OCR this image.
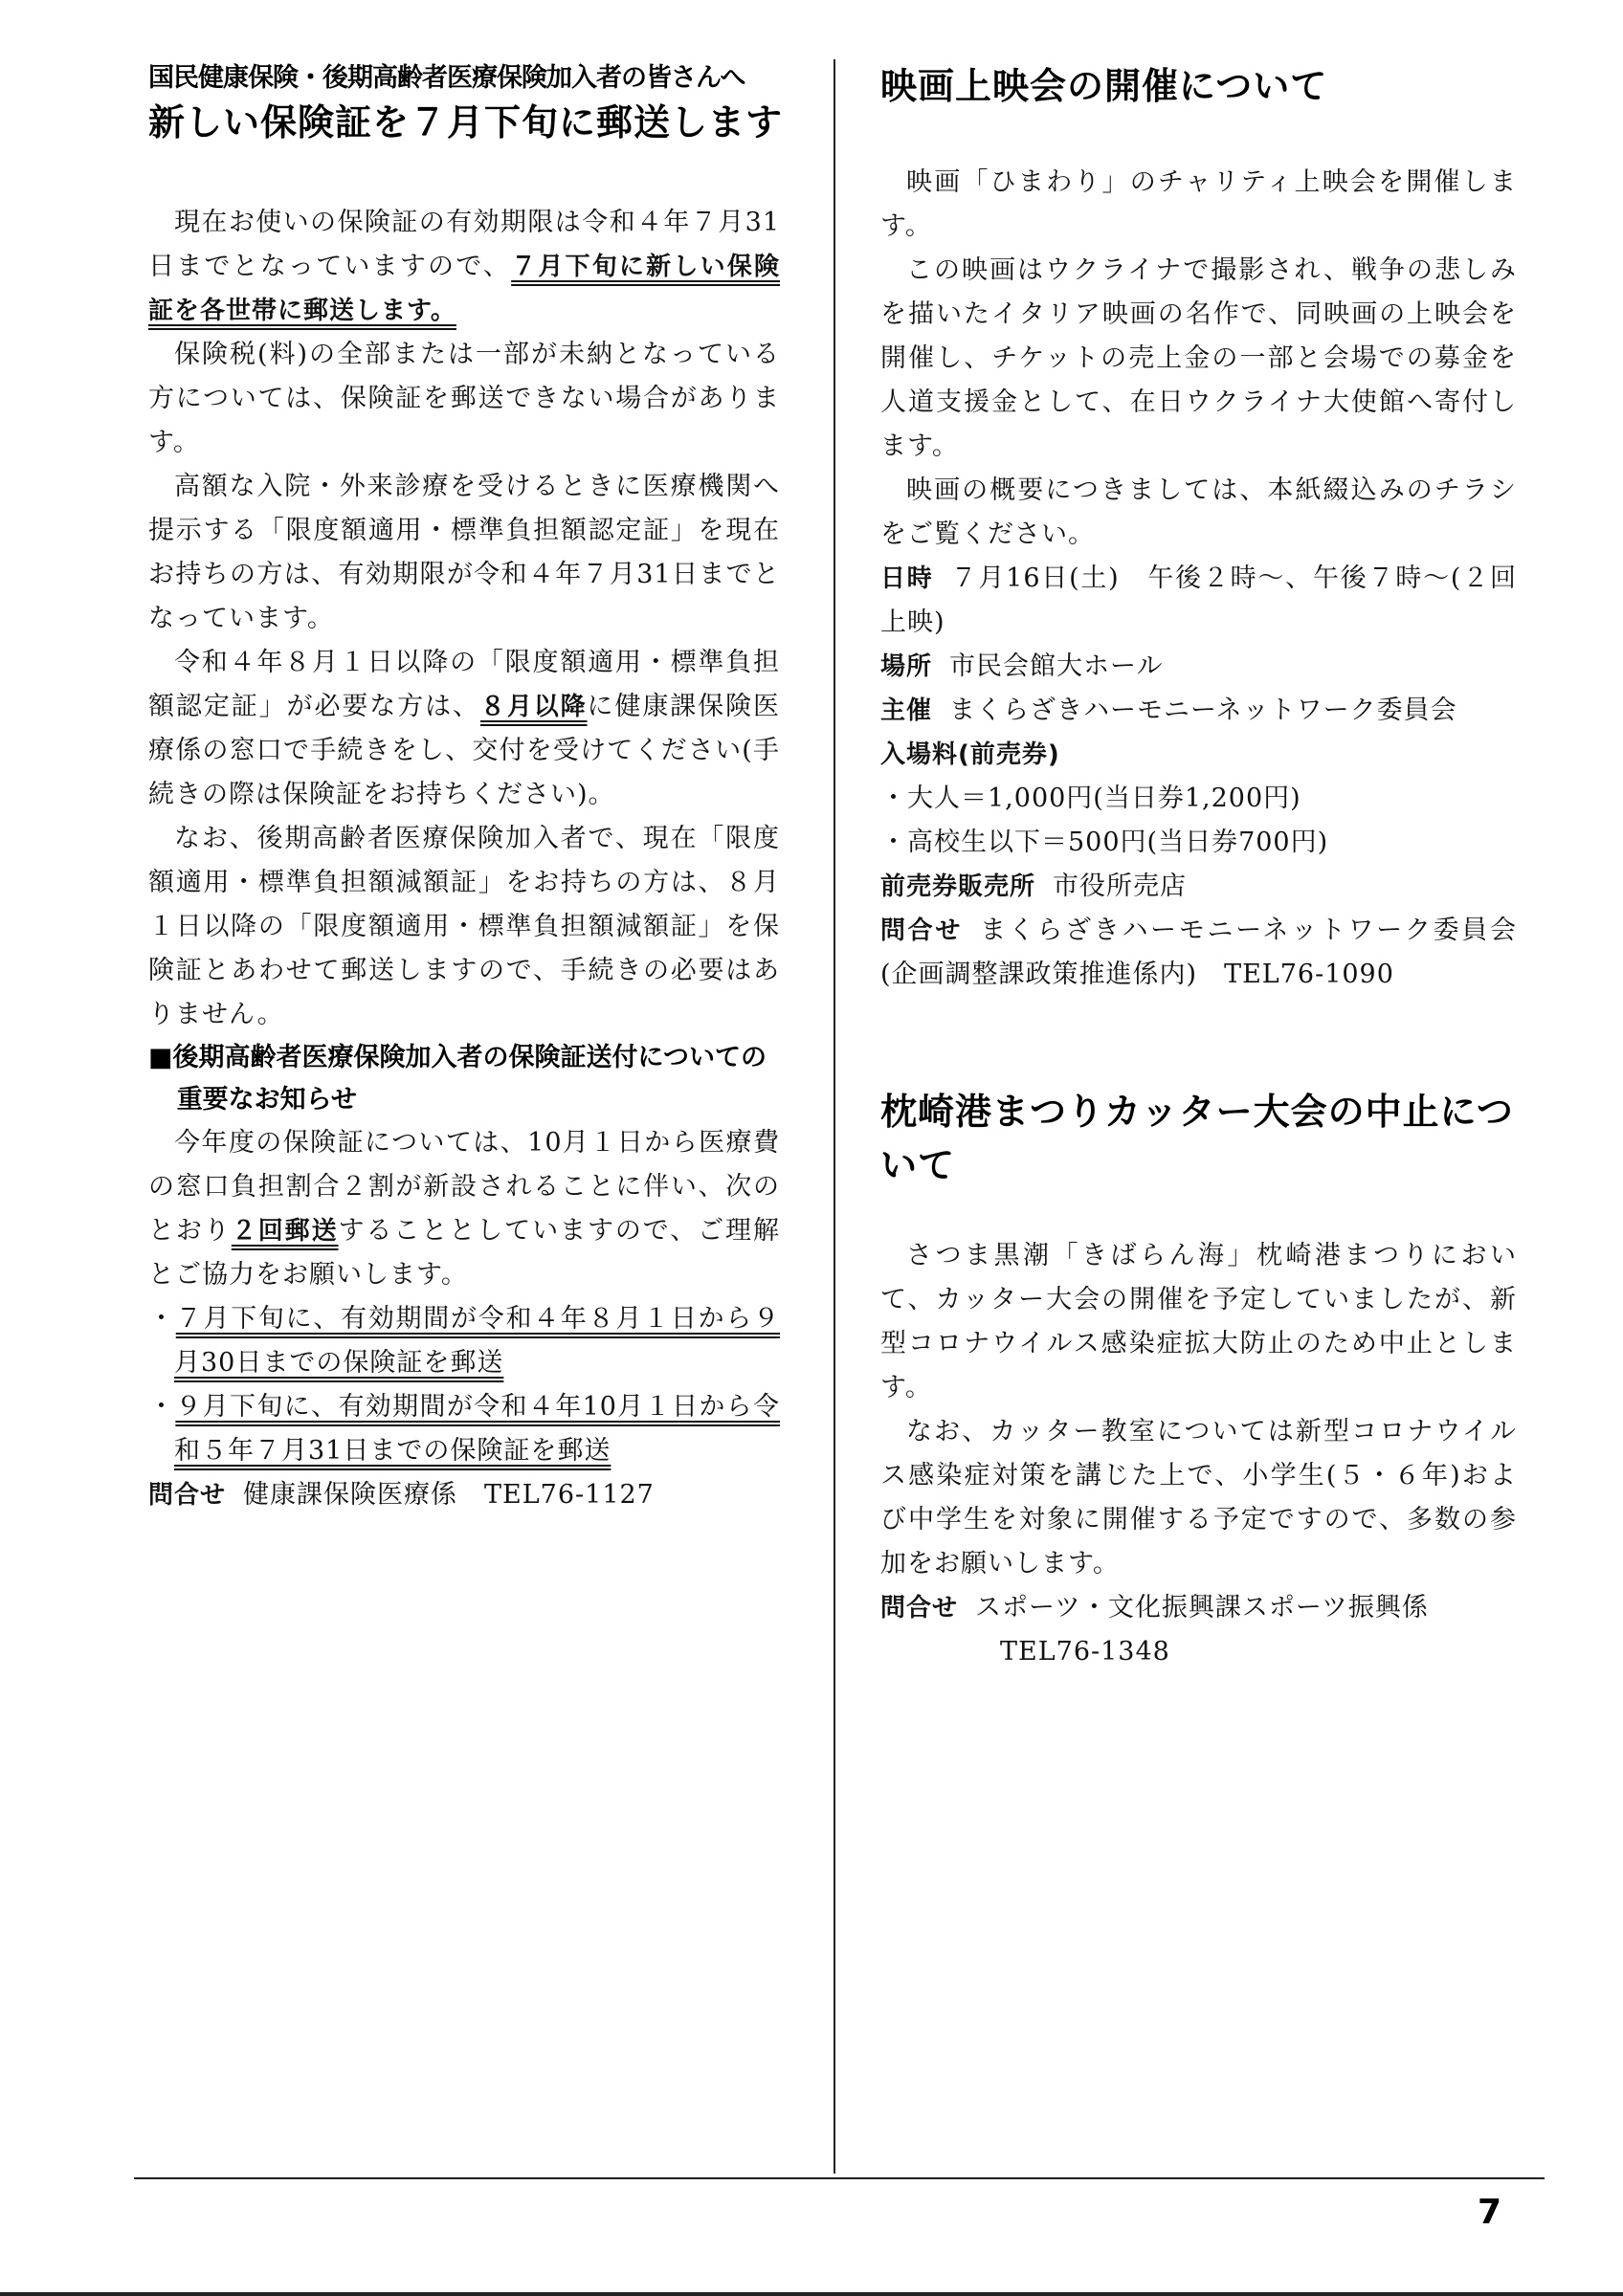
国民健康保険・後期高齢者医療保険加入者の皆さんへ
新しい保険証を７月下旬に郵送します

現在お使いの保険証の有効期限は令和４年７月31日までとなっていますので、７月下旬に新しい保険証を各世帯に郵送します。

保険税(料)の全部または一部が未納となっている方については、保険証を郵送できない場合があります。

高額な入院・外来診療を受けるときに医療機関へ提示する「限度額適用・標準負担額認定証」を現在お持ちの方は、有効期限が令和４年７月31日までとなっています。

令和４年８月１日以降の「限度額適用・標準負担額認定証」が必要な方は、８月以降に健康課保険医療係の窓口で手続きをし、交付を受けてください(手続きの際は保険証をお持ちください)。

なお、後期高齢者医療保険加入者で、現在「限度額適用・標準負担額減額証」をお持ちの方は、８月１日以降の「限度額適用・標準負担額減額証」を保険証とあわせて郵送しますので、手続きの必要はありません。

■後期高齢者医療保険加入者の保険証送付についての重要なお知らせ

今年度の保険証については、10月１日から医療費の窓口負担割合２割が新設されることに伴い、次のとおり２回郵送することとしていますので、ご理解とご協力をお願いします。

・７月下旬に、有効期間が令和４年８月１日から９月30日までの保険証を郵送
・９月下旬に、有効期間が令和４年10月１日から令和５年７月31日までの保険証を郵送
問合せ 健康課保険医療係　TEL76-1127
映画上映会の開催について

映画「ひまわり」のチャリティ上映会を開催します。

この映画はウクライナで撮影され、戦争の悲しみを描いたイタリア映画の名作で、同映画の上映会を開催し、チケットの売上金の一部と会場での募金を人道支援金として、在日ウクライナ大使館へ寄付します。

映画の概要につきましては、本紙綴込みのチラシをご覧ください。

日時 ７月16日(土)　午後２時～、午後７時～(２回上映)
場所 市民会館大ホール
主催 まくらざきハーモニーネットワーク委員会
入場料(前売券)
・大人＝1,000円(当日券1,200円)
・高校生以下＝500円(当日券700円)
前売券販売所 市役所売店
問合せ まくらざきハーモニーネットワーク委員会(企画調整課政策推進係内)　TEL76-1090
枕崎港まつりカッター大会の中止について

さつま黒潮「きばらん海」枕崎港まつりにおいて、カッター大会の開催を予定していましたが、新型コロナウイルス感染症拡大防止のため中止とします。

なお、カッター教室については新型コロナウイルス感染症対策を講じた上で、小学生(５・６年)および中学生を対象に開催する予定ですので、多数の参加をお願いします。

問合せ スポーツ・文化振興課スポーツ振興係
TEL76-1348
7
